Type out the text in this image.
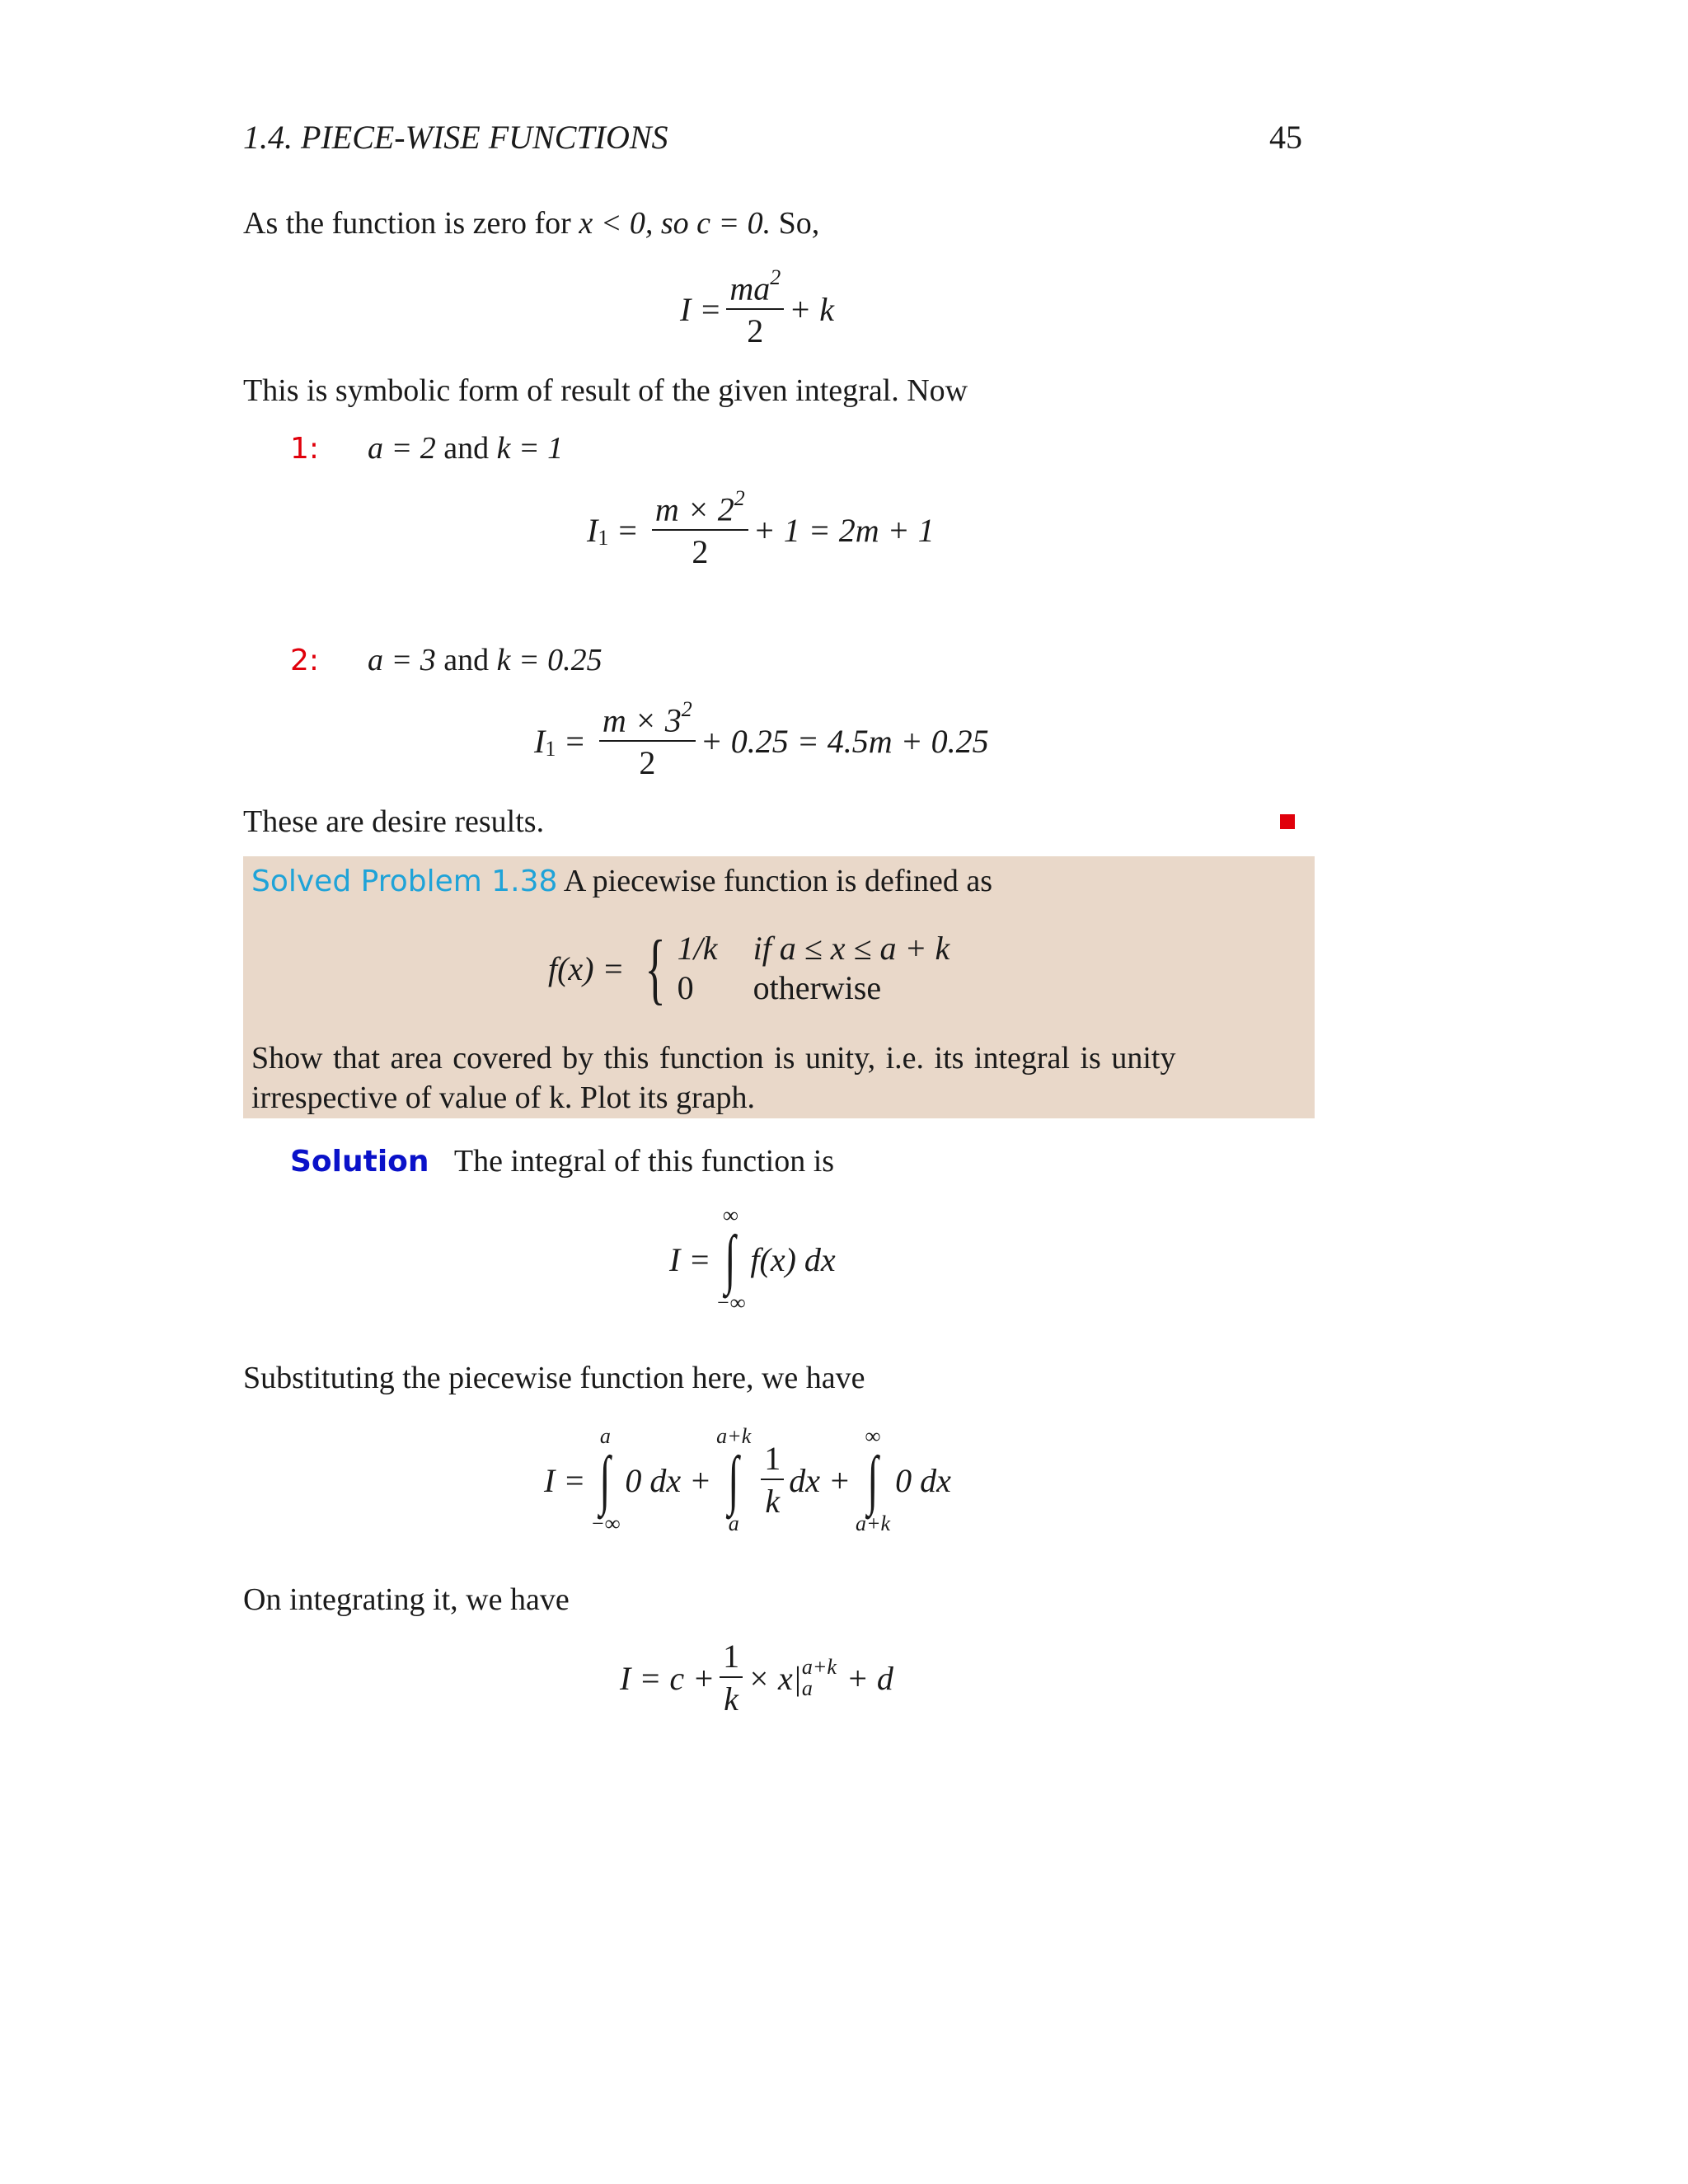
1.4. PIECE-WISE FUNCTIONS	45
As the function is zero for x < 0, so c = 0. So,
$I = \frac{ma^2}{2} + k$
This is symbolic form of result of the given integral. Now
1: a = 2 and k = 1
I $1 = \frac{m \times 2^2}{2} + 1 = 2m + 1$
2: a = 3 and k = 0.25
I $1 = \frac{m \times 3^2}{2} + 0.25 = 4.5m + 0.25$
These are desire results.
Solved Problem 1.38 A piecewise function is defined as
f(x) = { 1/k	if a ≤ x ≤ a + k
0	otherwise
Show that area covered by this function is unity, i.e. its integral is unity
irrespective of value of k. Plot its graph.
Solution The integral of this function is
I =
∞
∫
−∞
f(x) dx
Substituting the piecewise function here, we have
I =
a
∫
−∞
0 dx +
a+k
∫
a
$\frac{1}{k}$ dx +
∞
∫
a+k
0 dx
On integrating it, we have
$I = c + \frac{1}{k} \times x|$ a+k
a	+ d
